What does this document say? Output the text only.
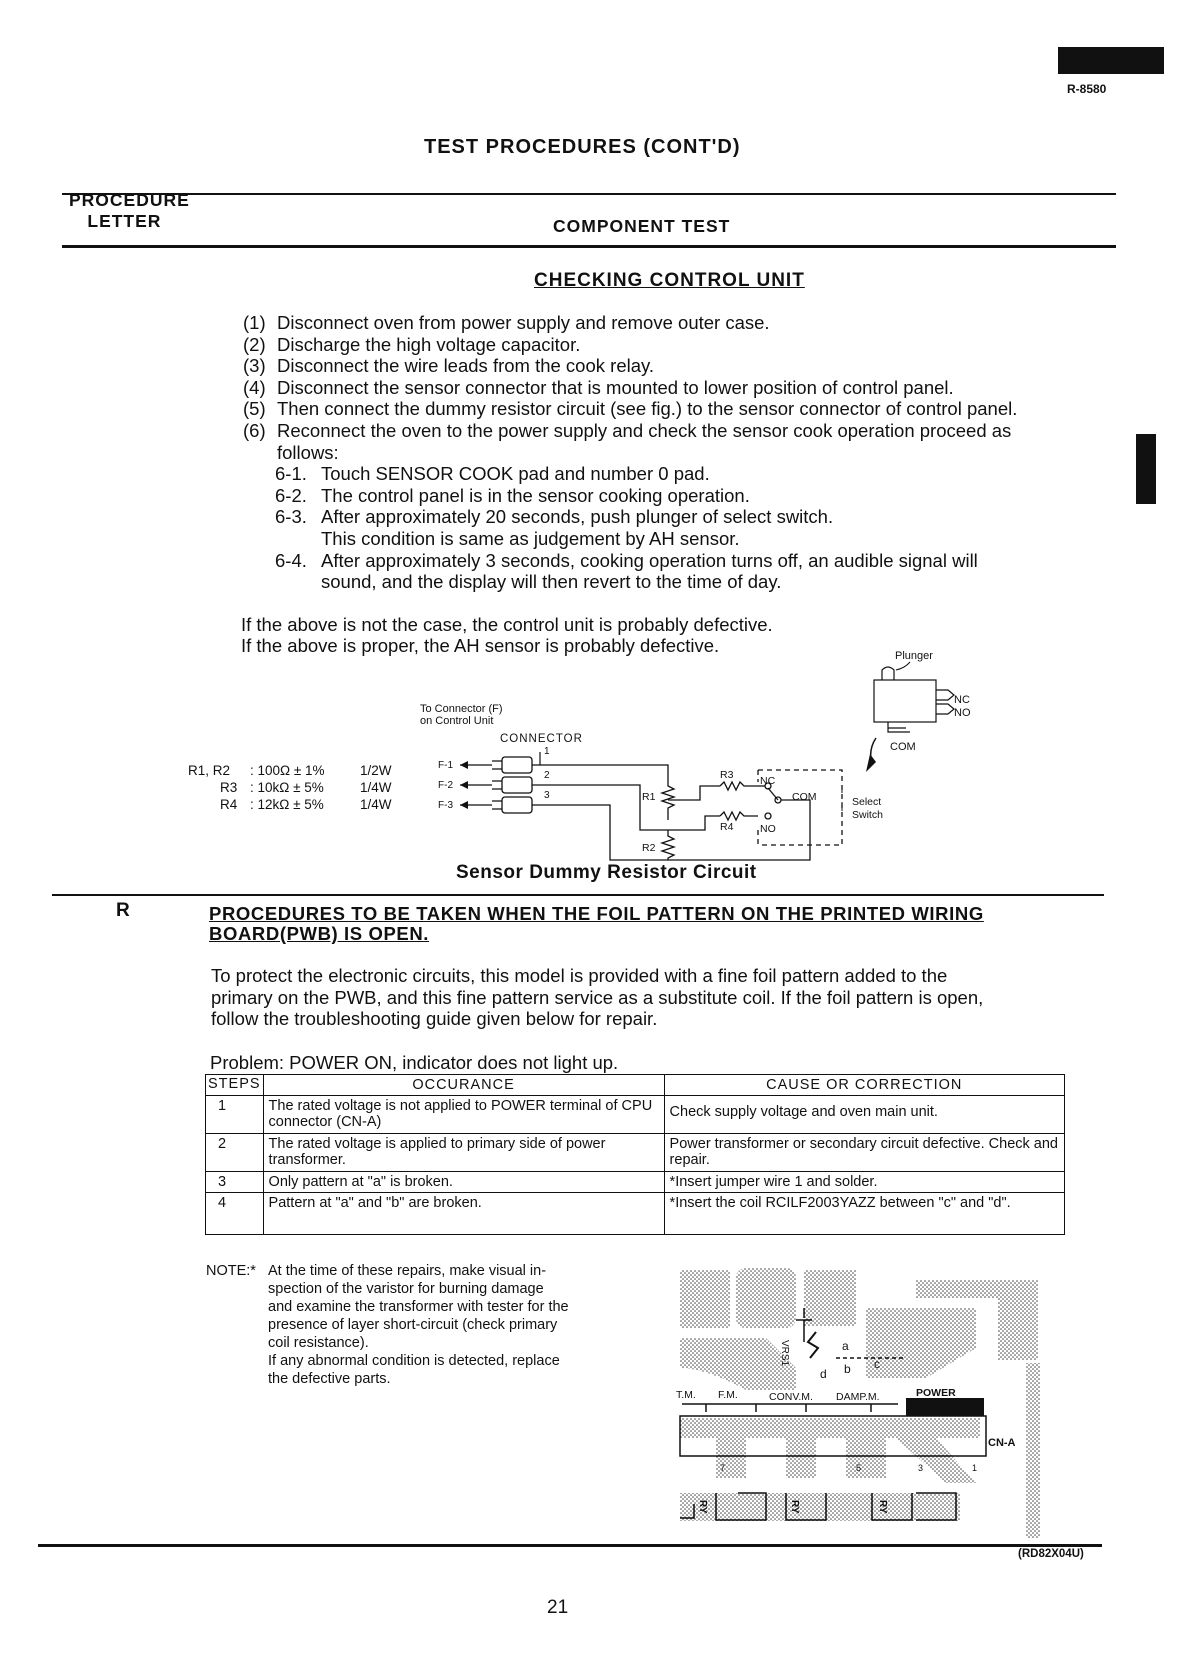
R-8580
TEST PROCEDURES (CONT'D)
PROCEDURE
LETTER	COMPONENT TEST
CHECKING CONTROL UNIT
(1) Disconnect oven from power supply and remove outer case.
(2) Discharge the high voltage capacitor.
(3) Disconnect the wire leads from the cook relay.
(4) Disconnect the sensor connector that is mounted to lower position of control panel.
(5) Then connect the dummy resistor circuit (see fig.) to the sensor connector of control panel.
(6) Reconnect the oven to the power supply and check the sensor cook operation proceed as
follows:
6-1. Touch SENSOR COOK pad and number 0 pad.
6-2. The control panel is in the sensor cooking operation.
6-3. After approximately 20 seconds, push plunger of select switch.
This condition is same as judgement by AH sensor.
6-4. After approximately 3 seconds, cooking operation turns off, an audible signal will
sound, and the display will then revert to the time of day.
If the above is not the case, the control unit is probably defective.
If the above is proper, the AH sensor is probably defective.	Plunger
NC
NO
COM
To Connector (F)
on Control Unit
CONNECTOR
R1, R2 : 100Ω ± 1%	1/2W
R3 : 10kΩ ± 5%	1/4W
R4 : 12kΩ ± 5%	1/4W
F-1
F-2
F-3
1
2
3	R1
R2
R3
R4
NC
COM
NO
Select
Switch
Sensor Dummy Resistor Circuit
R	PROCEDURES TO BE TAKEN WHEN THE FOIL PATTERN ON THE PRINTED WIRING
BOARD(PWB) IS OPEN.
To protect the electronic circuits, this model is provided with a fine foil pattern added to the
primary on the PWB, and this fine pattern service as a substitute coil. If the foil pattern is open,
follow the troubleshooting guide given below for repair.
Problem: POWER ON, indicator does not light up.
STEPS	OCCURANCE	CAUSE OR CORRECTION
1	The rated voltage is not applied to POWER terminal of CPU connector (CN-A)	Check supply voltage and oven main unit.
2	The rated voltage is applied to primary side of power transformer.	Power transformer or secondary circuit defective. Check and repair.
3	Only pattern at "a" is broken.	*Insert jumper wire 1 and solder.
4	Pattern at "a" and "b" are broken.	*Insert the coil RCILF2003YAZZ between "c" and "d".
NOTE:* At the time of these repairs, make visual in-
spection of the varistor for burning damage
and examine the transformer with tester for the
presence of layer short-circuit (check primary
coil resistance).
If any abnormal condition is detected, replace
the defective parts.
VRS1	a
b c
d
T.M. F.M.	CONV.M. DAMP.M.	POWER
CN-A
7	5	3	1
RY	RY	RY
(RD82X04U)
21
